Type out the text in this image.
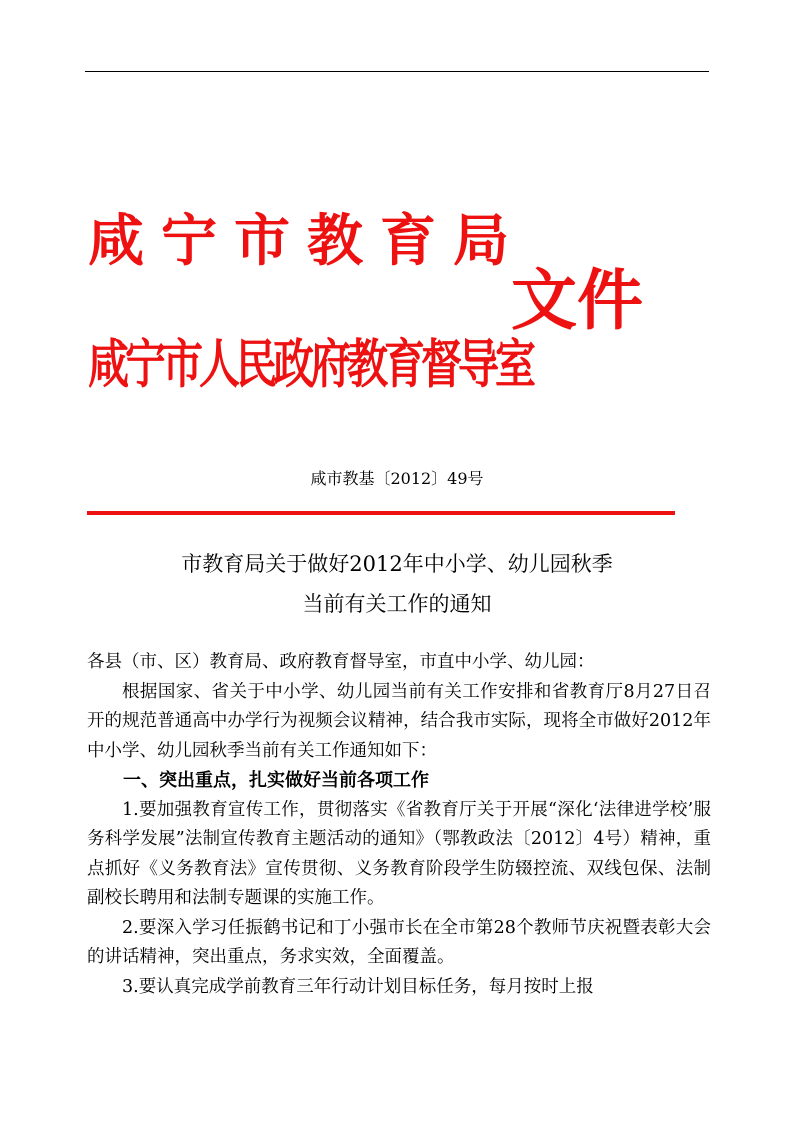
咸宁市教育局
咸宁市人民政府教育督导室
文件
咸市教基〔2012〕49号
市教育局关于做好2012年中小学、幼儿园秋季
当前有关工作的通知

各县（市、区）教育局、政府教育督导室，市直中小学、幼儿园：

根据国家、省关于中小学、幼儿园当前有关工作安排和省教育厅8月27日召开的规范普通高中办学行为视频会议精神，结合我市实际，现将全市做好2012年中小学、幼儿园秋季当前有关工作通知如下：

一、突出重点，扎实做好当前各项工作

1.要加强教育宣传工作，贯彻落实《省教育厅关于开展“深化‘法律进学校’服务科学发展”法制宣传教育主题活动的通知》（鄂教政法〔2012〕4号）精神，重点抓好《义务教育法》宣传贯彻、义务教育阶段学生防辍控流、双线包保、法制副校长聘用和法制专题课的实施工作。

2.要深入学习任振鹤书记和丁小强市长在全市第28个教师节庆祝暨表彰大会的讲话精神，突出重点，务求实效，全面覆盖。

3.要认真完成学前教育三年行动计划目标任务，每月按时上报
